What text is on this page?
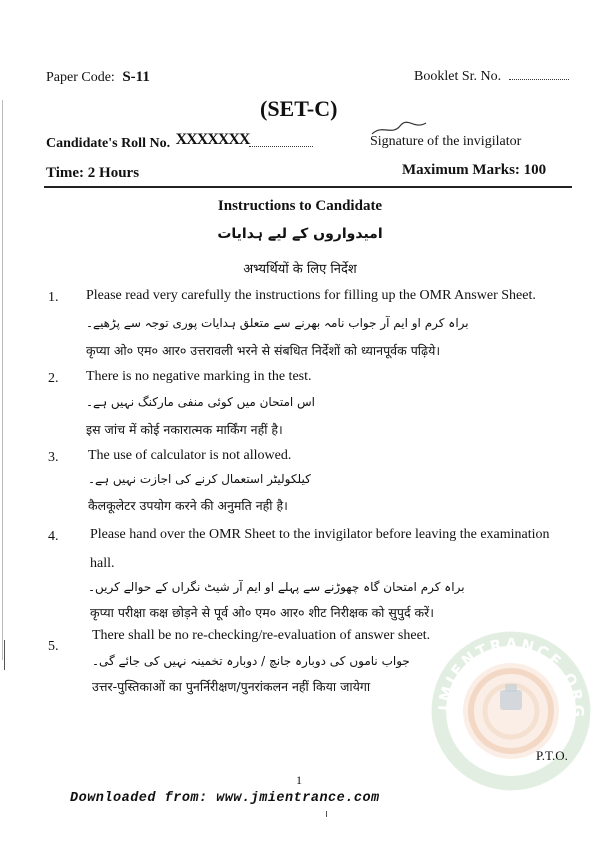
Paper Code: S-11	Booklet Sr. No.
(SET-C)
Candidate's Roll No. XXXXXXX	Signature of the invigilator
Time: 2 Hours	Maximum Marks: 100
Instructions to Candidate
امیدواروں کے لیے ہدایات
अभ्यर्थियों के लिए निर्देश
1. Please read very carefully the instructions for filling up the OMR Answer Sheet.
براہ کرم او ایم آر جواب نامہ بھرنے سے متعلق ہدایات پوری توجہ سے پڑھیے۔
कृप्या ओ० एम० आर० उत्तरावली भरने से संबधित निर्देशों को ध्यानपूर्वक पढ़िये।
2. There is no negative marking in the test.
اس امتحان میں کوئی منفی مارکنگ نہیں ہے۔
इस जांच में कोई नकारात्मक मार्किंग नहीं है।
3. The use of calculator is not allowed.
کیلکولیٹر استعمال کرنے کی اجازت نہیں ہے۔
कैलकूलेटर उपयोग करने की अनुमति नही है।
4. Please hand over the OMR Sheet to the invigilator before leaving the examination
hall.
براہ کرم امتحان گاہ چھوڑنے سے پہلے او ایم آر شیٹ نگراں کے حوالے کریں۔
कृप्या परीक्षा कक्ष छोड़ने से पूर्व ओ० एम० आर० शीट निरीक्षक को सुपुर्द करें।
5.
There shall be no re-checking/re-evaluation of answer sheet.
جواب ناموں کی دوبارہ جانچ / دوبارہ تخمینہ نہیں کی جائے گی۔
उत्तर-पुस्तिकाओं का पुनर्निरीक्षण/पुनरांकलन नहीं किया जायेगा
JMIENTRANCE.ORG
P.T.O.
1
Downloaded from: www.jmientrance.com
